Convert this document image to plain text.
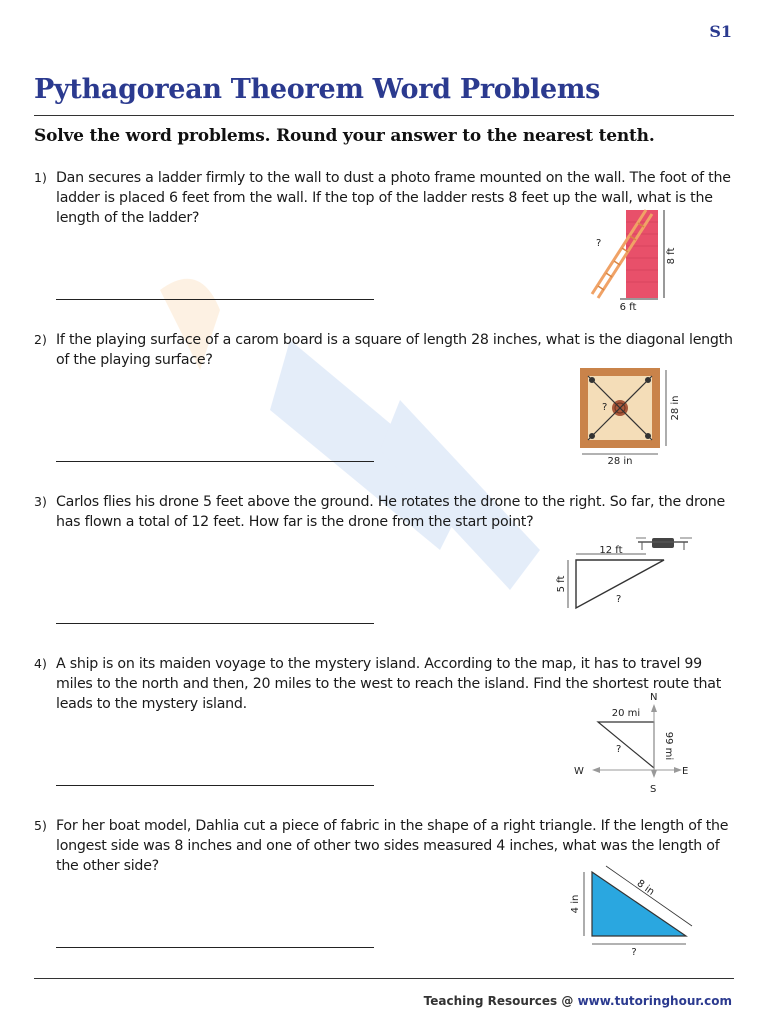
S1
Pythagorean Theorem Word Problems
Solve the word problems. Round your answer to the nearest tenth.
1) Dan secures a ladder firmly to the wall to dust a photo frame mounted on the wall. The foot of the ladder is placed 6 feet from the wall. If the top of the ladder rests 8 feet up the wall, what is the length of the ladder?
8 ft
6 ft
?
2) If the playing surface of a carom board is a square of length 28 inches, what is the diagonal length of the playing surface?
28 in
28 in
?
3) Carlos flies his drone 5 feet above the ground. He rotates the drone to the right. So far, the drone has flown a total of 12 feet. How far is the drone from the start point?
12 ft
5 ft
?
4) A ship is on its maiden voyage to the mystery island. According to the map, it has to travel 99 miles to the north and then, 20 miles to the west to reach the island. Find the shortest route that leads to the mystery island.
20 mi
99 mi
?
N
S
E
W
5) For her boat model, Dahlia cut a piece of fabric in the shape of a right triangle. If the length of the longest side was 8 inches and one of other two sides measured 4 inches, what was the length of the other side?
4 in
8 in
?
Teaching Resources @ www.tutoringhour.com
